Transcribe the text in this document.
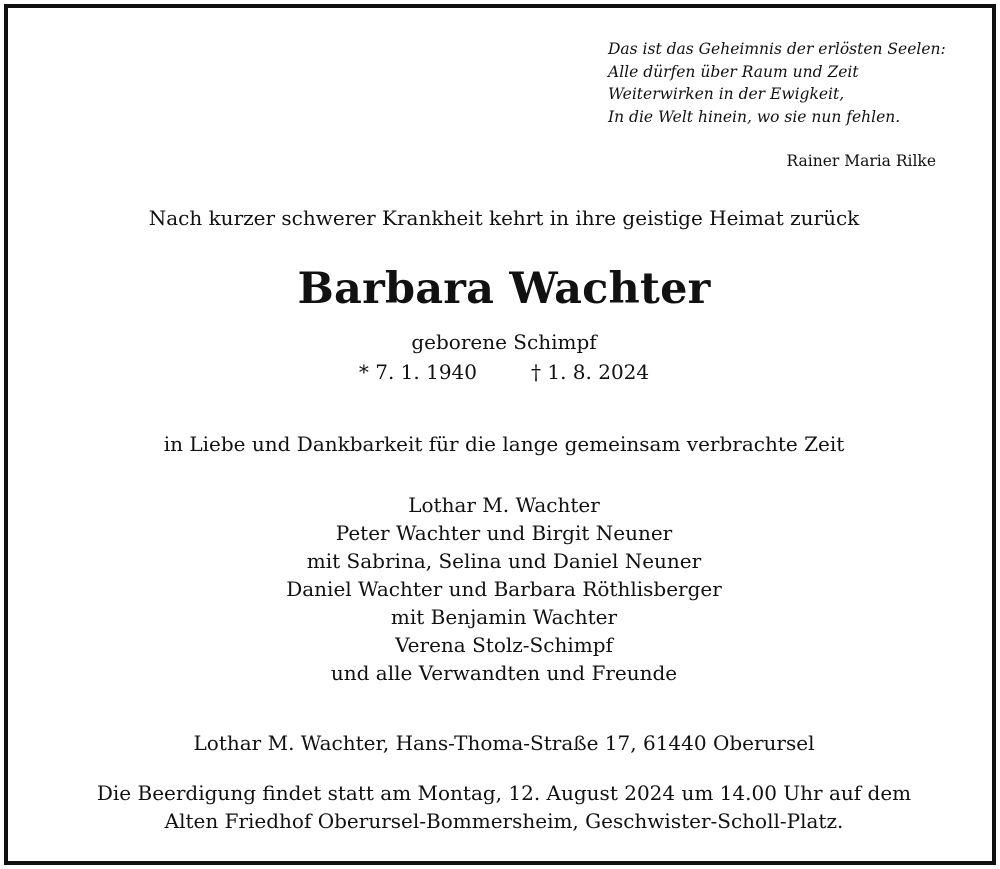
Das ist das Geheimnis der erlösten Seelen:
Alle dürfen über Raum und Zeit
Weiterwirken in der Ewigkeit,
In die Welt hinein, wo sie nun fehlen.
Rainer Maria Rilke
Nach kurzer schwerer Krankheit kehrt in ihre geistige Heimat zurück
Barbara Wachter
geborene Schimpf
* 7. 1. 1940	† 1. 8. 2024
in Liebe und Dankbarkeit für die lange gemeinsam verbrachte Zeit
Lothar M. Wachter
Peter Wachter und Birgit Neuner
mit Sabrina, Selina und Daniel Neuner
Daniel Wachter und Barbara Röthlisberger
mit Benjamin Wachter
Verena Stolz-Schimpf
und alle Verwandten und Freunde
Lothar M. Wachter, Hans-Thoma-Straße 17, 61440 Oberursel
Die Beerdigung findet statt am Montag, 12. August 2024 um 14.00 Uhr auf dem
Alten Friedhof Oberursel-Bommersheim, Geschwister-Scholl-Platz.
